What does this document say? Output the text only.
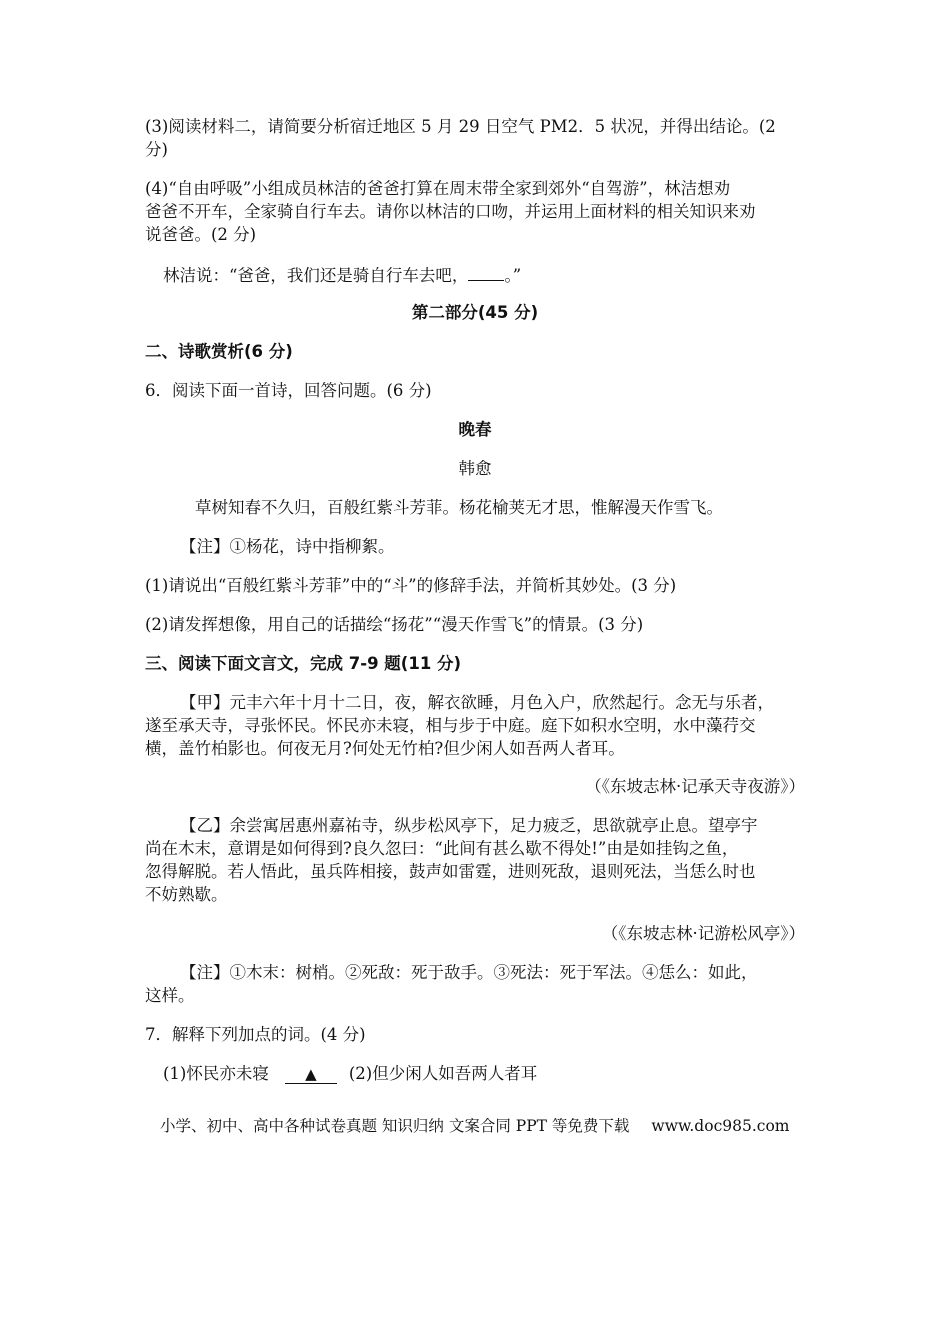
(3)阅读材料二，请简要分析宿迁地区 5 月 29 日空气 PM2．5 状况，并得出结论。(2
分)
(4)“自由呼吸”小组成员林洁的爸爸打算在周末带全家到郊外“自驾游”，林洁想劝
爸爸不开车，全家骑自行车去。请你以林洁的口吻，并运用上面材料的相关知识来劝
说爸爸。(2 分)
林洁说：“爸爸，我们还是骑自行车去吧， 。”
第二部分(45 分)
二、诗歌赏析(6 分)
6．阅读下面一首诗，回答问题。(6 分)
晚春
韩愈
草树知春不久归，百般红紫斗芳菲。杨花榆荚无才思，惟解漫天作雪飞。
【注】①杨花，诗中指柳絮。
(1)请说出“百般红紫斗芳菲”中的“斗”的修辞手法，并简析其妙处。(3 分)
(2)请发挥想像，用自己的话描绘“扬花”“漫天作雪飞”的情景。(3 分)
三、阅读下面文言文，完成 7-9 题(11 分)
【甲】元丰六年十月十二日，夜，解衣欲睡，月色入户，欣然起行。念无与乐者，
遂至承天寺，寻张怀民。怀民亦未寝，相与步于中庭。庭下如积水空明，水中藻荇交
横，盖竹柏影也。何夜无月?何处无竹柏?但少闲人如吾两人者耳。
（《东坡志林·记承天寺夜游》）
【乙】余尝寓居惠州嘉祐寺，纵步松风亭下，足力疲乏，思欲就亭止息。望亭宇
尚在木末，意谓是如何得到?良久忽曰：“此间有甚么歇不得处!”由是如挂钩之鱼，
忽得解脱。若人悟此，虽兵阵相接，鼓声如雷霆，进则死敌，退则死法，当恁么时也
不妨熟歇。
（《东坡志林·记游松风亭》）
【注】①木末：树梢。②死敌：死于敌手。③死法：死于军法。④恁么：如此，
这样。
7．解释下列加点的词。(4 分)
(1)怀民亦未寝 ▲ (2)但少闲人如吾两人者耳
小学、初中、高中各种试卷真题 知识归纳 文案合同 PPT 等免费下载 www.doc985.com
